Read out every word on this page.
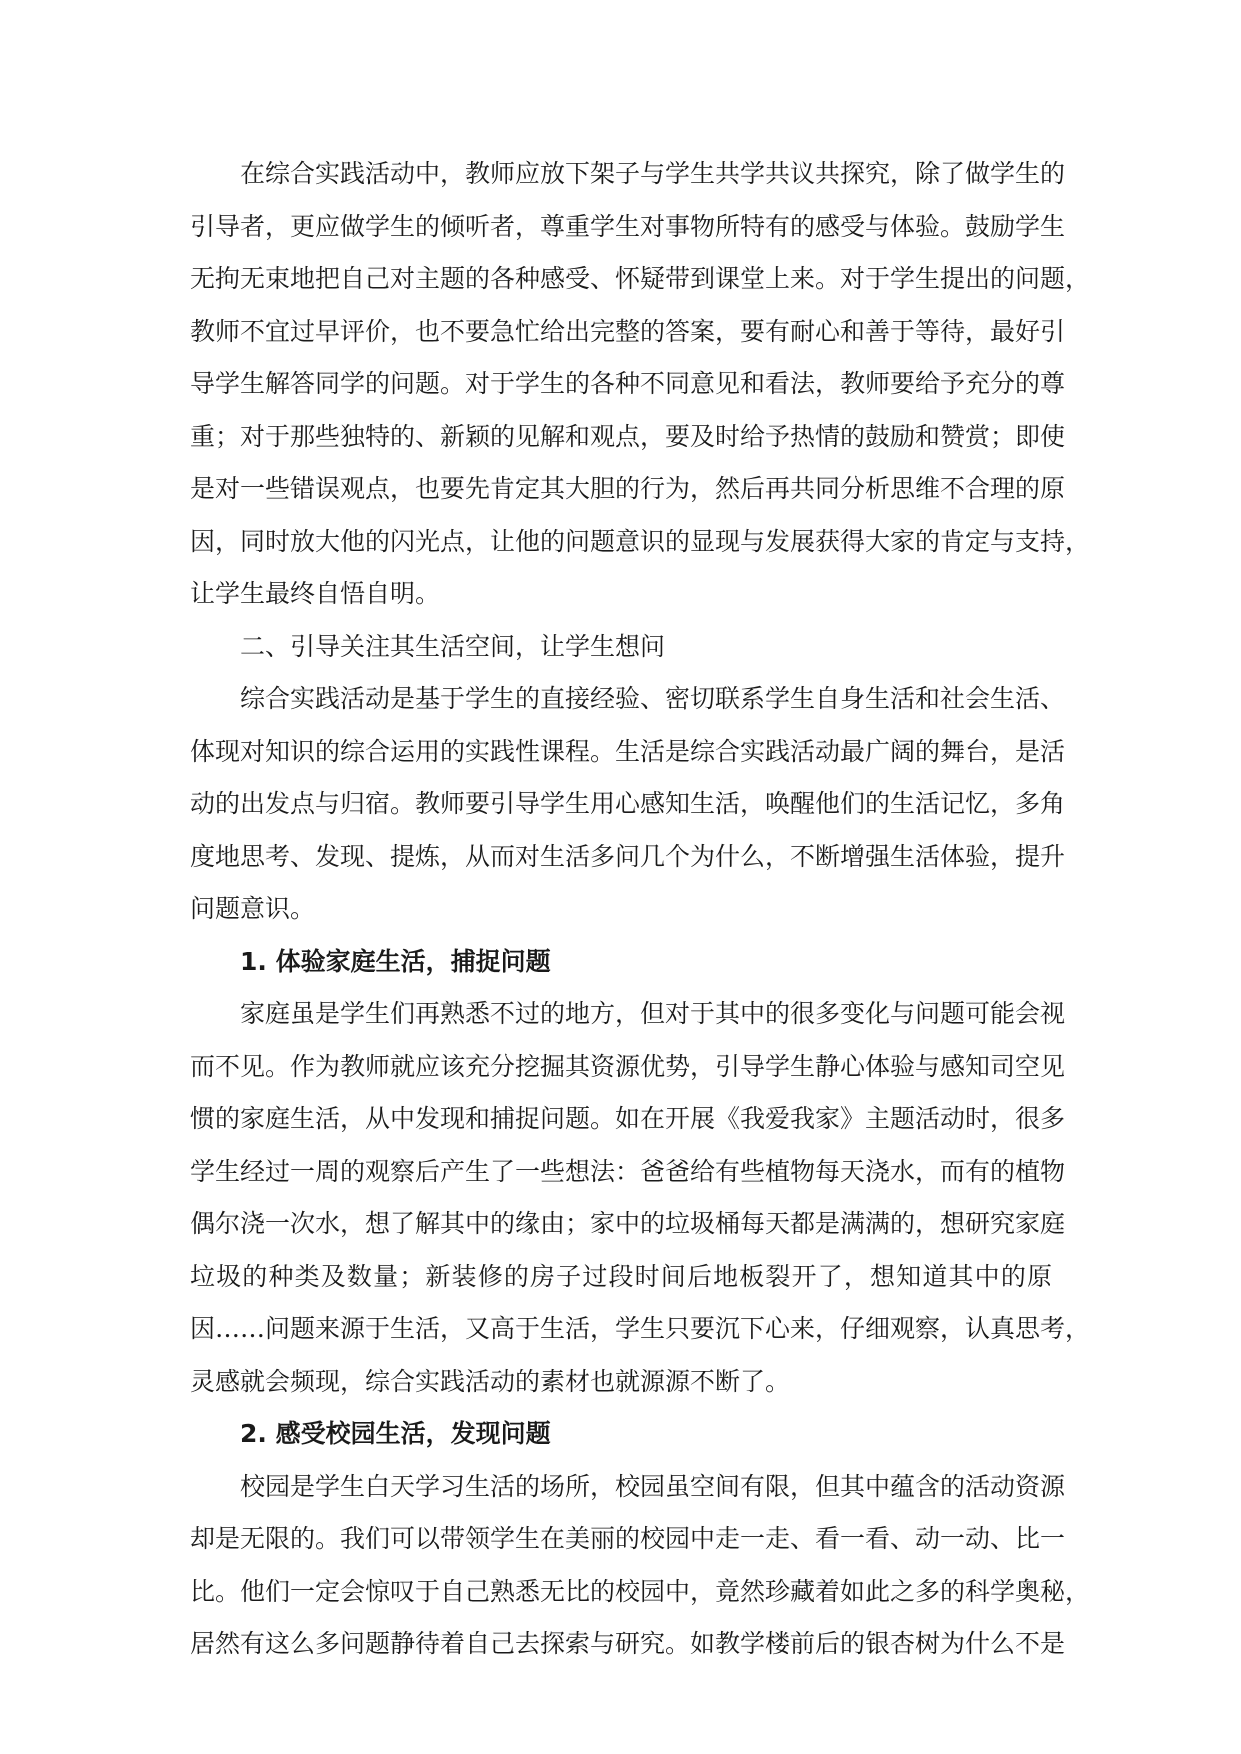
在综合实践活动中，教师应放下架子与学生共学共议共探究，除了做学生的
引导者，更应做学生的倾听者，尊重学生对事物所特有的感受与体验。鼓励学生
无拘无束地把自己对主题的各种感受、怀疑带到课堂上来。对于学生提出的问题，
教师不宜过早评价，也不要急忙给出完整的答案，要有耐心和善于等待，最好引
导学生解答同学的问题。对于学生的各种不同意见和看法，教师要给予充分的尊
重；对于那些独特的、新颖的见解和观点，要及时给予热情的鼓励和赞赏；即使
是对一些错误观点，也要先肯定其大胆的行为，然后再共同分析思维不合理的原
因，同时放大他的闪光点，让他的问题意识的显现与发展获得大家的肯定与支持，
让学生最终自悟自明。
二、引导关注其生活空间，让学生想问
综合实践活动是基于学生的直接经验、密切联系学生自身生活和社会生活、
体现对知识的综合运用的实践性课程。生活是综合实践活动最广阔的舞台，是活
动的出发点与归宿。教师要引导学生用心感知生活，唤醒他们的生活记忆，多角
度地思考、发现、提炼，从而对生活多问几个为什么，不断增强生活体验，提升
问题意识。
1. 体验家庭生活，捕捉问题
家庭虽是学生们再熟悉不过的地方，但对于其中的很多变化与问题可能会视
而不见。作为教师就应该充分挖掘其资源优势，引导学生静心体验与感知司空见
惯的家庭生活，从中发现和捕捉问题。如在开展《我爱我家》主题活动时，很多
学生经过一周的观察后产生了一些想法：爸爸给有些植物每天浇水，而有的植物
偶尔浇一次水，想了解其中的缘由；家中的垃圾桶每天都是满满的，想研究家庭
垃圾的种类及数量；新装修的房子过段时间后地板裂开了，想知道其中的原
因……问题来源于生活，又高于生活，学生只要沉下心来，仔细观察，认真思考，
灵感就会频现，综合实践活动的素材也就源源不断了。
2. 感受校园生活，发现问题
校园是学生白天学习生活的场所，校园虽空间有限，但其中蕴含的活动资源
却是无限的。我们可以带领学生在美丽的校园中走一走、看一看、动一动、比一
比。他们一定会惊叹于自己熟悉无比的校园中，竟然珍藏着如此之多的科学奥秘，
居然有这么多问题静待着自己去探索与研究。如教学楼前后的银杏树为什么不是
